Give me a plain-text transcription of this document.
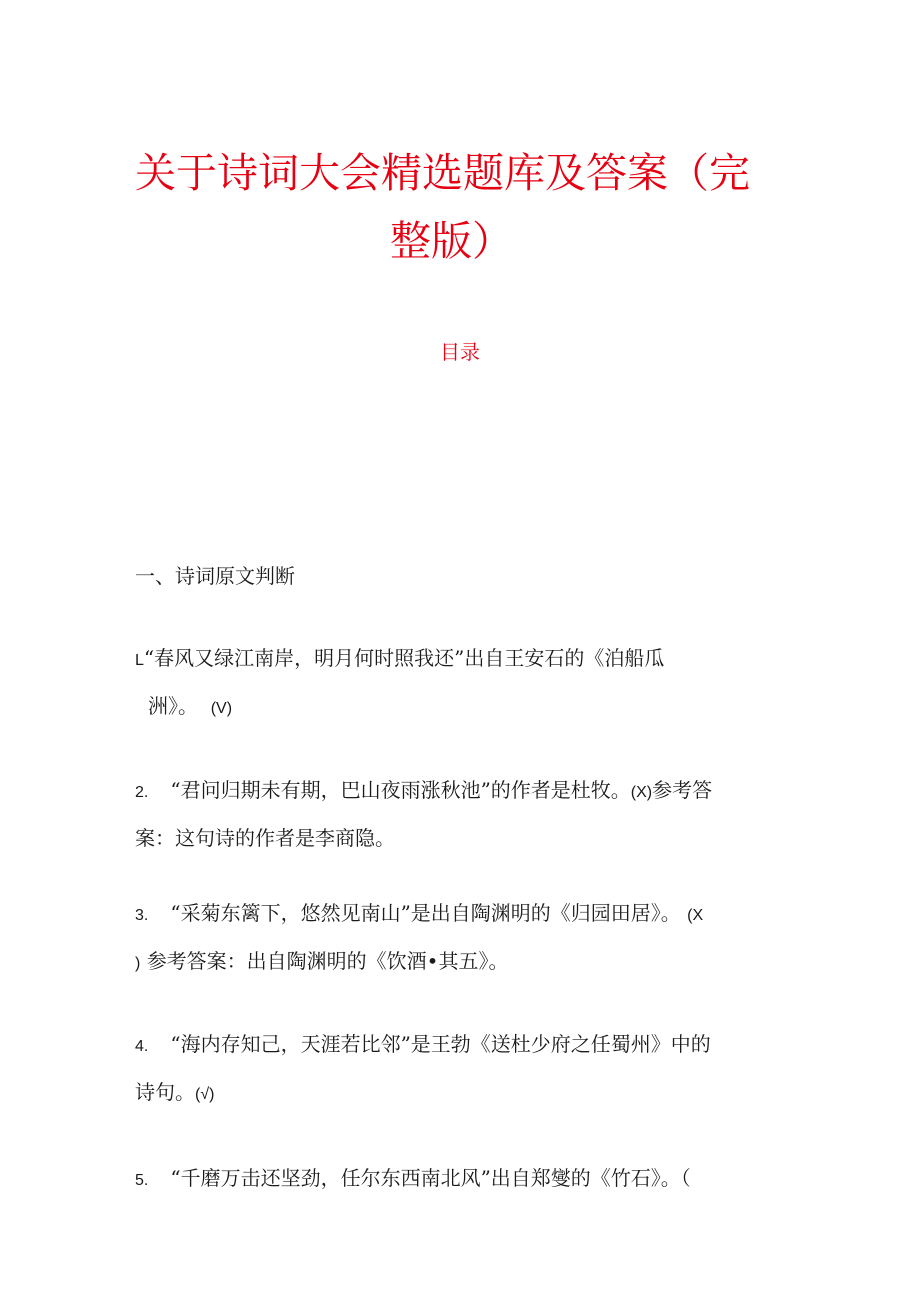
关于诗词大会精选题库及答案（完
整版）
目录
一、诗词原文判断
L“春风又绿江南岸，明月何时照我还”出自王安石的《泊船瓜
洲》。 (V)
2. “君问归期未有期，巴山夜雨涨秋池”的作者是杜牧。(X)参考答
案：这句诗的作者是李商隐。
3. “采菊东篱下，悠然见南山”是出自陶渊明的《归园田居》。 (X
) 参考答案：出自陶渊明的《饮酒•其五》。
4. “海内存知己，天涯若比邻”是王勃《送杜少府之任蜀州》中的
诗句。(√)
5. “千磨万击还坚劲，任尔东西南北风”出自郑燮的《竹石》。（
